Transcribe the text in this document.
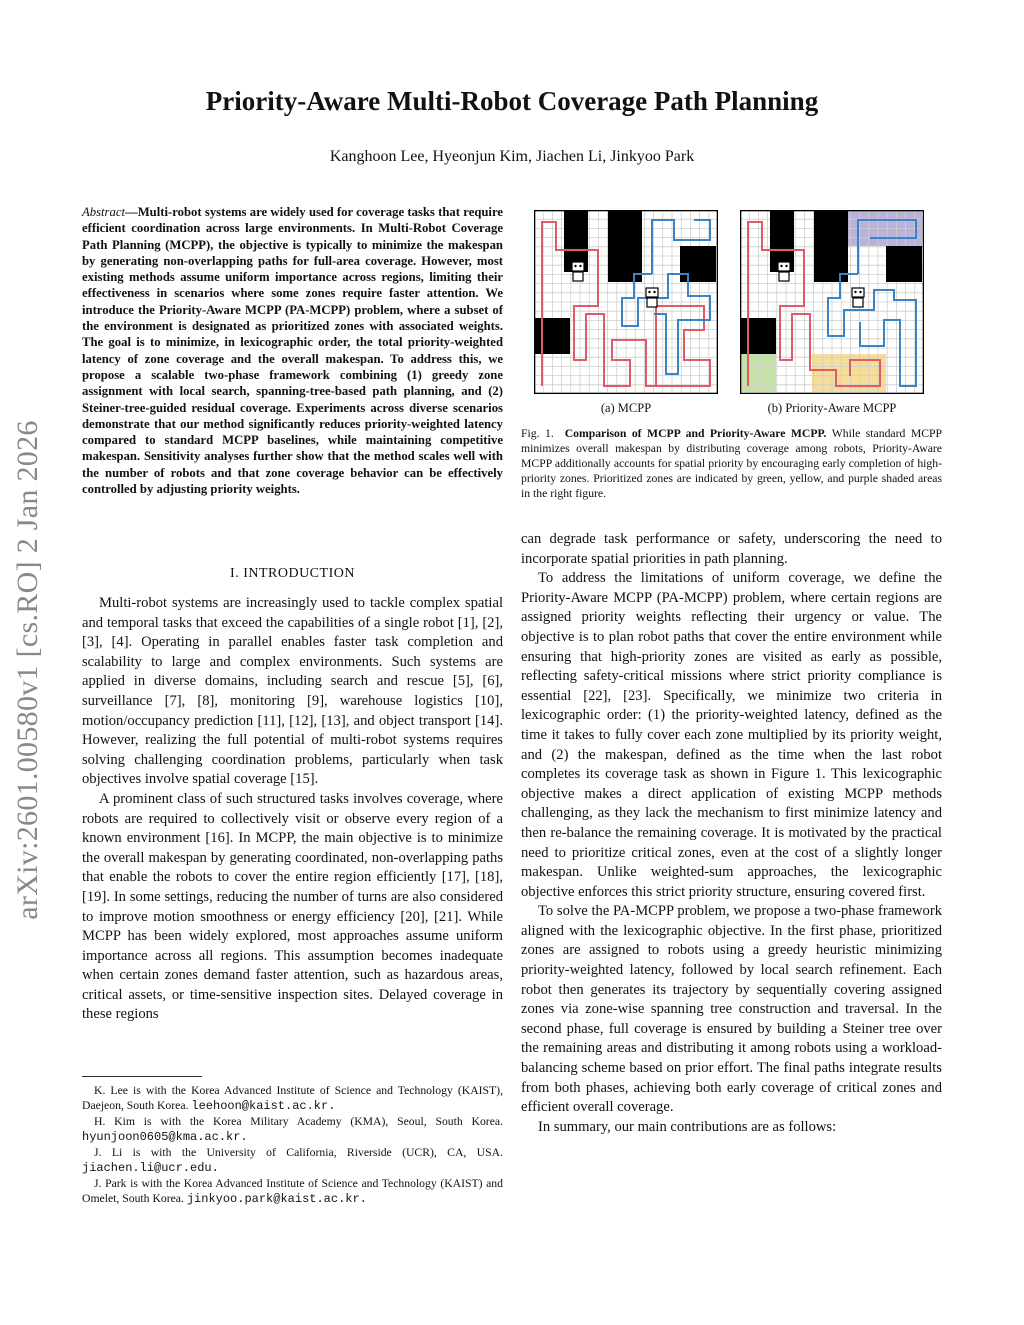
arXiv:2601.00580v1 [cs.RO] 2 Jan 2026
Priority-Aware Multi-Robot Coverage Path Planning
Kanghoon Lee, Hyeonjun Kim, Jiachen Li, Jinkyoo Park
Abstract—Multi-robot systems are widely used for coverage tasks that require efficient coordination across large environments. In Multi-Robot Coverage Path Planning (MCPP), the objective is typically to minimize the makespan by generating non-overlapping paths for full-area coverage. However, most existing methods assume uniform importance across regions, limiting their effectiveness in scenarios where some zones require faster attention. We introduce the Priority-Aware MCPP (PA-MCPP) problem, where a subset of the environment is designated as prioritized zones with associated weights. The goal is to minimize, in lexicographic order, the total priority-weighted latency of zone coverage and the overall makespan. To address this, we propose a scalable two-phase framework combining (1) greedy zone assignment with local search, spanning-tree-based path planning, and (2) Steiner-tree-guided residual coverage. Experiments across diverse scenarios demonstrate that our method significantly reduces priority-weighted latency compared to standard MCPP baselines, while maintaining competitive makespan. Sensitivity analyses further show that the method scales well with the number of robots and that zone coverage behavior can be effectively controlled by adjusting priority weights.
I. INTRODUCTION

Multi-robot systems are increasingly used to tackle complex spatial and temporal tasks that exceed the capabilities of a single robot [1], [2], [3], [4]. Operating in parallel enables faster task completion and scalability to large and complex environments. Such systems are applied in diverse domains, including search and rescue [5], [6], surveillance [7], [8], monitoring [9], warehouse logistics [10], motion/occupancy prediction [11], [12], [13], and object transport [14]. However, realizing the full potential of multi-robot systems requires solving challenging coordination problems, particularly when task objectives involve spatial coverage [15].

A prominent class of such structured tasks involves coverage, where robots are required to collectively visit or observe every region of a known environment [16]. In MCPP, the main objective is to minimize the overall makespan by generating coordinated, non-overlapping paths that enable the robots to cover the entire region efficiently [17], [18], [19]. In some settings, reducing the number of turns are also considered to improve motion smoothness or energy efficiency [20], [21]. While MCPP has been widely explored, most approaches assume uniform importance across all regions. This assumption becomes inadequate when certain zones demand faster attention, such as hazardous areas, critical assets, or time-sensitive inspection sites. Delayed coverage in these regions

K. Lee is with the Korea Advanced Institute of Science and Technology (KAIST), Daejeon, South Korea. leehoon@kaist.ac.kr.

H. Kim is with the Korea Military Academy (KMA), Seoul, South Korea. hyunjoon0605@kma.ac.kr.

J. Li is with the University of California, Riverside (UCR), CA, USA. jiachen.li@ucr.edu.

J. Park is with the Korea Advanced Institute of Science and Technology (KAIST) and Omelet, South Korea. jinkyoo.park@kaist.ac.kr.

(a) MCPP	(b) Priority-Aware MCPP
Fig. 1. Comparison of MCPP and Priority-Aware MCPP. While standard MCPP minimizes overall makespan by distributing coverage among robots, Priority-Aware MCPP additionally accounts for spatial priority by encouraging early completion of high-priority zones. Prioritized zones are indicated by green, yellow, and purple shaded areas in the right figure.

can degrade task performance or safety, underscoring the need to incorporate spatial priorities in path planning.

To address the limitations of uniform coverage, we define the Priority-Aware MCPP (PA-MCPP) problem, where certain regions are assigned priority weights reflecting their urgency or value. The objective is to plan robot paths that cover the entire environment while ensuring that high-priority zones are visited as early as possible, reflecting safety-critical missions where strict priority compliance is essential [22], [23]. Specifically, we minimize two criteria in lexicographic order: (1) the priority-weighted latency, defined as the time it takes to fully cover each zone multiplied by its priority weight, and (2) the makespan, defined as the time when the last robot completes its coverage task as shown in Figure 1. This lexicographic objective makes a direct application of existing MCPP methods challenging, as they lack the mechanism to first minimize latency and then re-balance the remaining coverage. It is motivated by the practical need to prioritize critical zones, even at the cost of a slightly longer makespan. Unlike weighted-sum approaches, the lexicographic objective enforces this strict priority structure, ensuring covered first.

To solve the PA-MCPP problem, we propose a two-phase framework aligned with the lexicographic objective. In the first phase, prioritized zones are assigned to robots using a greedy heuristic minimizing priority-weighted latency, followed by local search refinement. Each robot then generates its trajectory by sequentially covering assigned zones via zone-wise spanning tree construction and traversal. In the second phase, full coverage is ensured by building a Steiner tree over the remaining areas and distributing it among robots using a workload-balancing scheme based on prior effort. The final paths integrate results from both phases, achieving both early coverage of critical zones and efficient overall coverage.

In summary, our main contributions are as follows:
